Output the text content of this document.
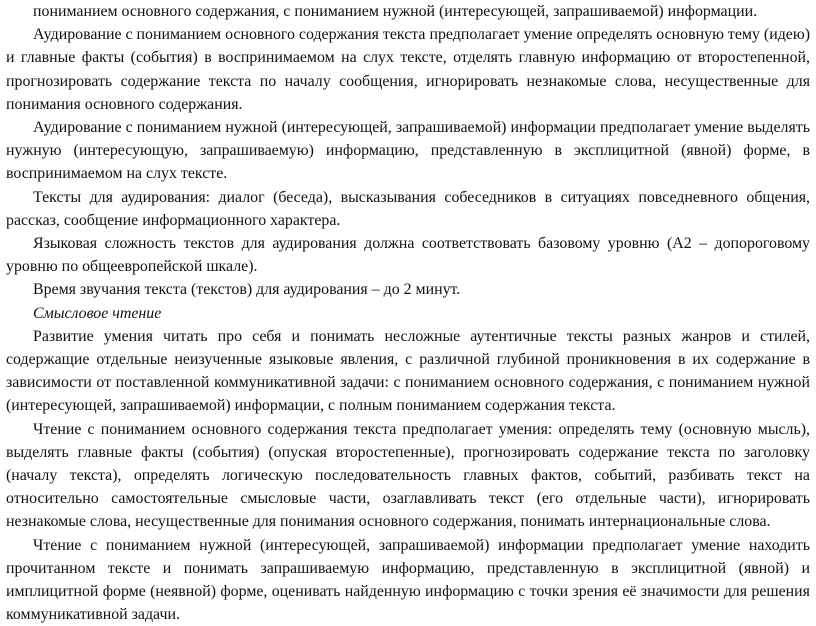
пониманием основного содержания, с пониманием нужной (интересующей, запрашиваемой) информации.

Аудирование с пониманием основного содержания текста предполагает умение определять основную тему (идею) и главные факты (события) в воспринимаемом на слух тексте, отделять главную информацию от второстепенной, прогнозировать содержание текста по началу сообщения, игнорировать незнакомые слова, несущественные для понимания основного содержания.

Аудирование с пониманием нужной (интересующей, запрашиваемой) информации предполагает умение выделять нужную (интересующую, запрашиваемую) информацию, представленную в эксплицитной (явной) форме, в воспринимаемом на слух тексте.

Тексты для аудирования: диалог (беседа), высказывания собеседников в ситуациях повседневного общения, рассказ, сообщение информационного характера.

Языковая сложность текстов для аудирования должна соответствовать базовому уровню (А2 – допороговому уровню по общеевропейской шкале).

Время звучания текста (текстов) для аудирования – до 2 минут.

Смысловое чтение

Развитие умения читать про себя и понимать несложные аутентичные тексты разных жанров и стилей, содержащие отдельные неизученные языковые явления, с различной глубиной проникновения в их содержание в зависимости от поставленной коммуникативной задачи: с пониманием основного содержания, с пониманием нужной (интересующей, запрашиваемой) информации, с полным пониманием содержания текста.

Чтение с пониманием основного содержания текста предполагает умения: определять тему (основную мысль), выделять главные факты (события) (опуская второстепенные), прогнозировать содержание текста по заголовку (началу текста), определять логическую последовательность главных фактов, событий, разбивать текст на относительно самостоятельные смысловые части, озаглавливать текст (его отдельные части), игнорировать незнакомые слова, несущественные для понимания основного содержания, понимать интернациональные слова.

Чтение с пониманием нужной (интересующей, запрашиваемой) информации предполагает умение находить прочитанном тексте и понимать запрашиваемую информацию, представленную в эксплицитной (явной) и имплицитной форме (неявной) форме, оценивать найденную информацию с точки зрения её значимости для решения коммуникативной задачи.
